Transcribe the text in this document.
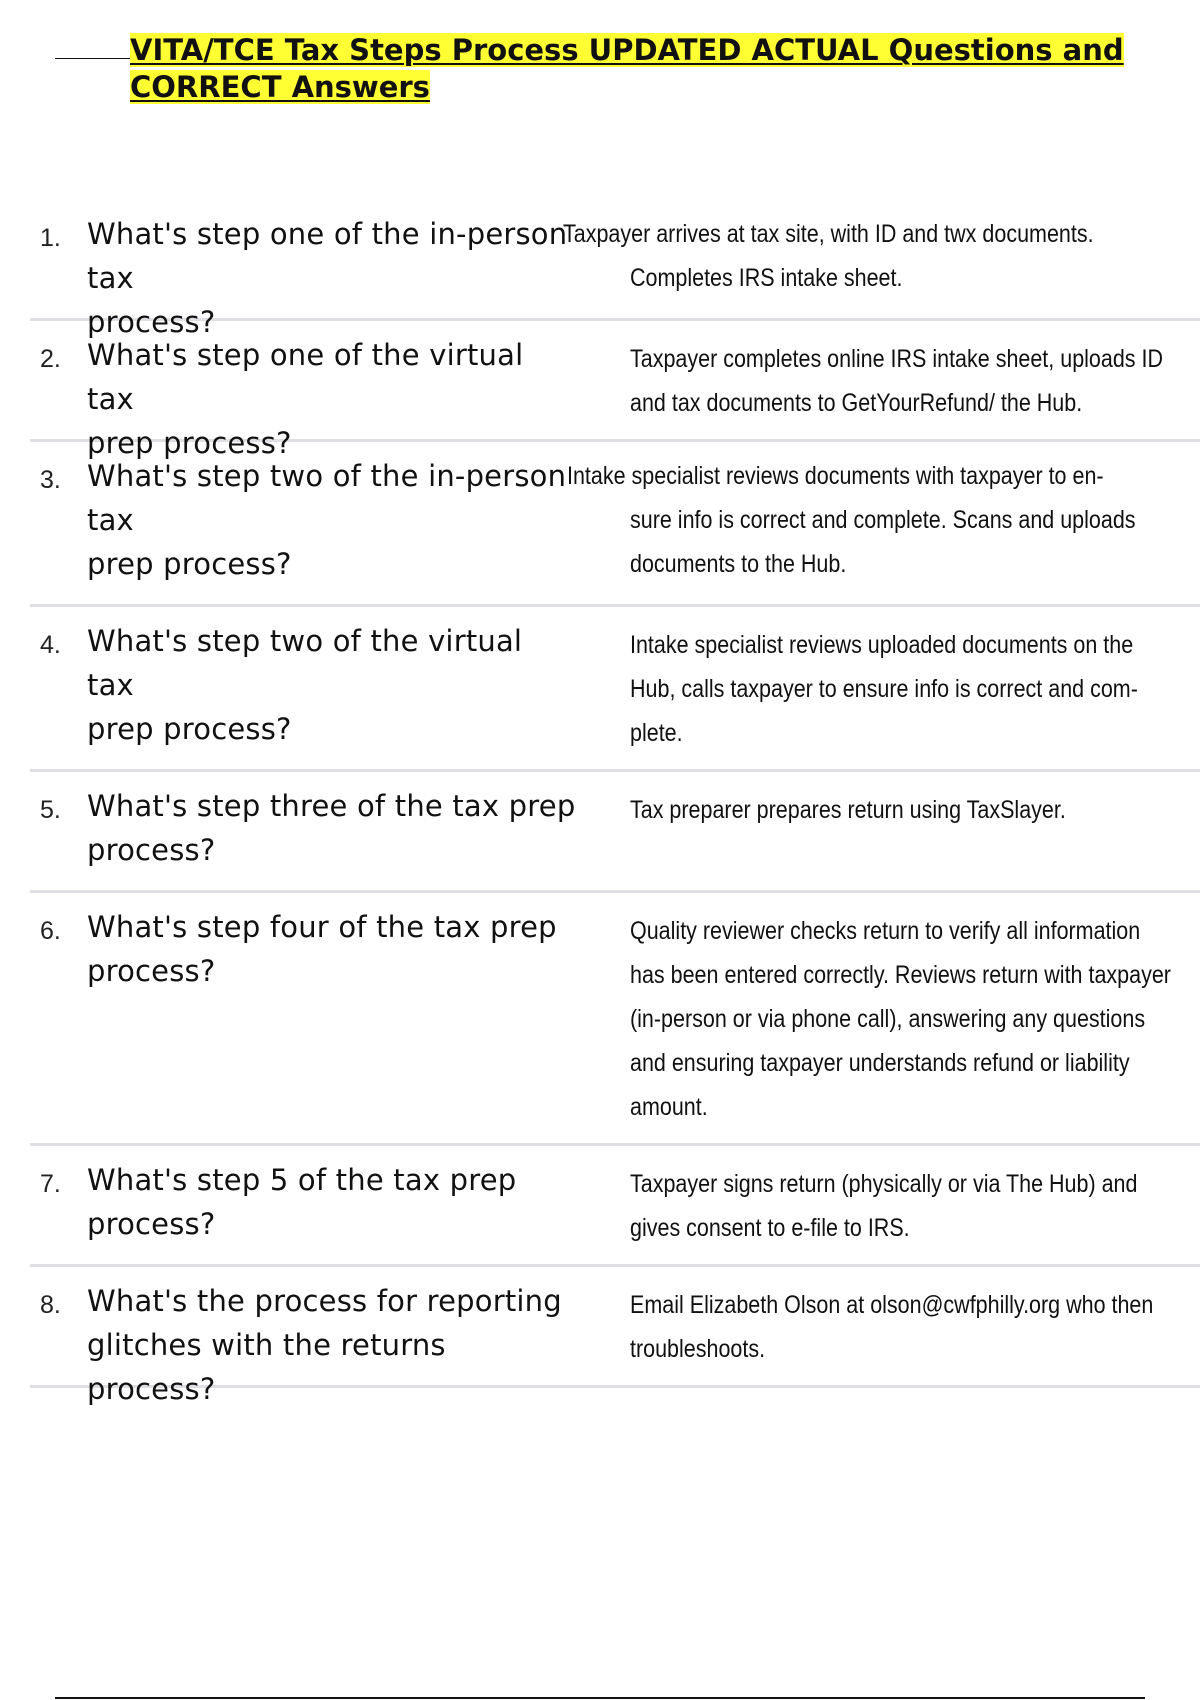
VITA/TCE Tax Steps Process UPDATED ACTUAL Questions and
CORRECT Answers
1. What's step one of the in-person tax
process?
Taxpayer arrives at tax site, with ID and twx documents.
Completes IRS intake sheet.
2. What's step one of the virtual tax
prep process?
Taxpayer completes online IRS intake sheet, uploads ID
and tax documents to GetYourRefund/ the Hub.
3. What's step two of the in-person tax
prep process?
Intake specialist reviews documents with taxpayer to en-
sure info is correct and complete. Scans and uploads
documents to the Hub.
4. What's step two of the virtual tax
prep process?
Intake specialist reviews uploaded documents on the
Hub, calls taxpayer to ensure info is correct and com-
plete.
5. What's step three of the tax prep
process?
Tax preparer prepares return using TaxSlayer.
6. What's step four of the tax prep
process?
Quality reviewer checks return to verify all information
has been entered correctly. Reviews return with taxpayer
(in-person or via phone call), answering any questions
and ensuring taxpayer understands refund or liability
amount.
7. What's step 5 of the tax prep
process?
Taxpayer signs return (physically or via The Hub) and
gives consent to e-file to IRS.
8. What's the process for reporting
glitches with the returns process?
Email Elizabeth Olson at olson@cwfphilly.org who then
troubleshoots.
